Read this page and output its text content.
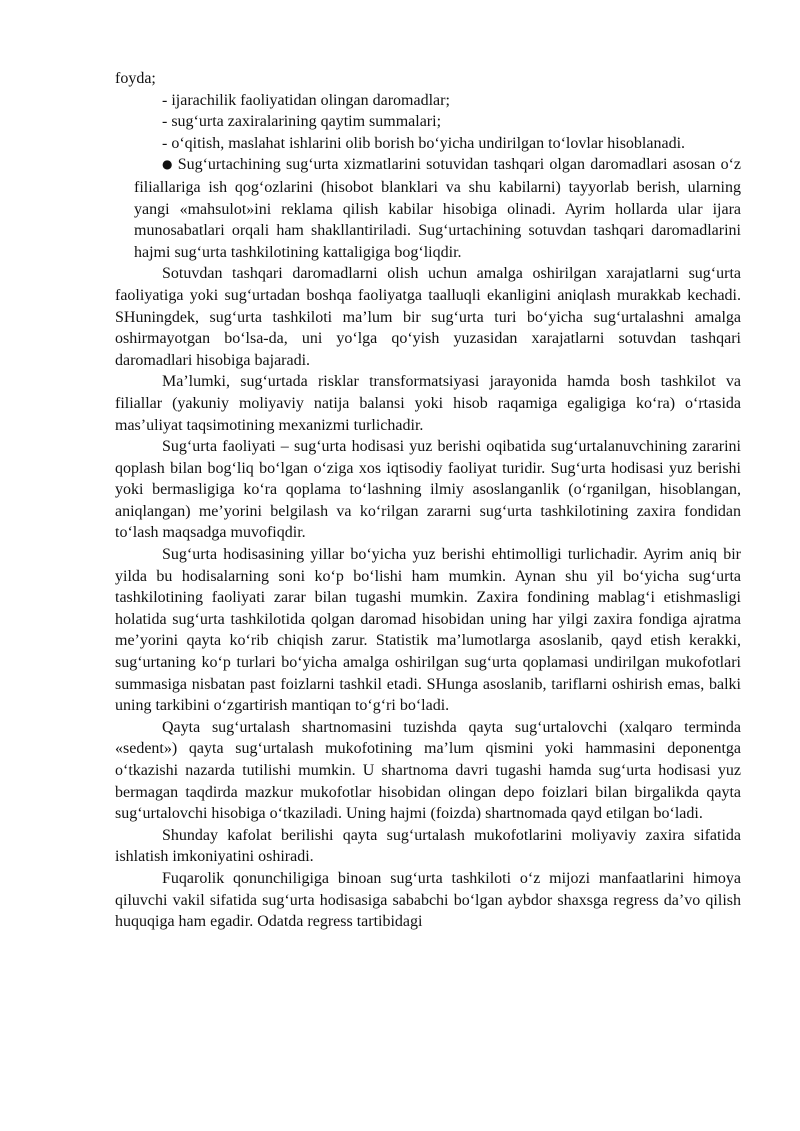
foyda;

- ijarachilik faoliyatidan olingan daromadlar;

- sug‘urta zaxiralarining qaytim summalari;

- o‘qitish, maslahat ishlarini olib borish bo‘yicha undirilgan to‘lovlar hisoblanadi.

● Sug‘urtachining sug‘urta xizmatlarini sotuvidan tashqari olgan daromadlari asosan o‘z filiallariga ish qog‘ozlarini (hisobot blanklari va shu kabilarni) tayyorlab berish, ularning yangi «mahsulot»ini reklama qilish kabilar hisobiga olinadi. Ayrim hollarda ular ijara munosabatlari orqali ham shakllantiriladi. Sug‘urtachining sotuvdan tashqari daromadlarini hajmi sug‘urta tashkilotining kattaligiga bog‘liqdir.

Sotuvdan tashqari daromadlarni olish uchun amalga oshirilgan xarajatlarni sug‘urta faoliyatiga yoki sug‘urtadan boshqa faoliyatga taalluqli ekanligini aniqlash murakkab kechadi. SHuningdek, sug‘urta tashkiloti ma’lum bir sug‘urta turi bo‘yicha sug‘urtalashni amalga oshirmayotgan bo‘lsa-da, uni yo‘lga qo‘yish yuzasidan xarajatlarni sotuvdan tashqari daromadlari hisobiga bajaradi.

Ma’lumki, sug‘urtada risklar transformatsiyasi jarayonida hamda bosh tashkilot va filiallar (yakuniy moliyaviy natija balansi yoki hisob raqamiga egaligiga ko‘ra) o‘rtasida mas’uliyat taqsimotining mexanizmi turlichadir.

Sug‘urta faoliyati – sug‘urta hodisasi yuz berishi oqibatida sug‘urtalanuvchining zararini qoplash bilan bog‘liq bo‘lgan o‘ziga xos iqtisodiy faoliyat turidir. Sug‘urta hodisasi yuz berishi yoki bermasligiga ko‘ra qoplama to‘lashning ilmiy asoslanganlik (o‘rganilgan, hisoblangan, aniqlangan) me’yorini belgilash va ko‘rilgan zararni sug‘urta tashkilotining zaxira fondidan to‘lash maqsadga muvofiqdir.

Sug‘urta hodisasining yillar bo‘yicha yuz berishi ehtimolligi turlichadir. Ayrim aniq bir yilda bu hodisalarning soni ko‘p bo‘lishi ham mumkin. Aynan shu yil bo‘yicha sug‘urta tashkilotining faoliyati zarar bilan tugashi mumkin. Zaxira fondining mablag‘i etishmasligi holatida sug‘urta tashkilotida qolgan daromad hisobidan uning har yilgi zaxira fondiga ajratma me’yorini qayta ko‘rib chiqish zarur. Statistik ma’lumotlarga asoslanib, qayd etish kerakki, sug‘urtaning ko‘p turlari bo‘yicha amalga oshirilgan sug‘urta qoplamasi undirilgan mukofotlari summasiga nisbatan past foizlarni tashkil etadi. SHunga asoslanib, tariflarni oshirish emas, balki uning tarkibini o‘zgartirish mantiqan to‘g‘ri bo‘ladi.

Qayta sug‘urtalash shartnomasini tuzishda qayta sug‘urtalovchi (xalqaro terminda «sedent») qayta sug‘urtalash mukofotining ma’lum qismini yoki hammasini deponentga o‘tkazishi nazarda tutilishi mumkin. U shartnoma davri tugashi hamda sug‘urta hodisasi yuz bermagan taqdirda mazkur mukofotlar hisobidan olingan depo foizlari bilan birgalikda qayta sug‘urtalovchi hisobiga o‘tkaziladi. Uning hajmi (foizda) shartnomada qayd etilgan bo‘ladi.

Shunday kafolat berilishi qayta sug‘urtalash mukofotlarini moliyaviy zaxira sifatida ishlatish imkoniyatini oshiradi.

Fuqarolik qonunchiligiga binoan sug‘urta tashkiloti o‘z mijozi manfaatlarini himoya qiluvchi vakil sifatida sug‘urta hodisasiga sababchi bo‘lgan aybdor shaxsga regress da’vo qilish huquqiga ham egadir. Odatda regress tartibidagi
